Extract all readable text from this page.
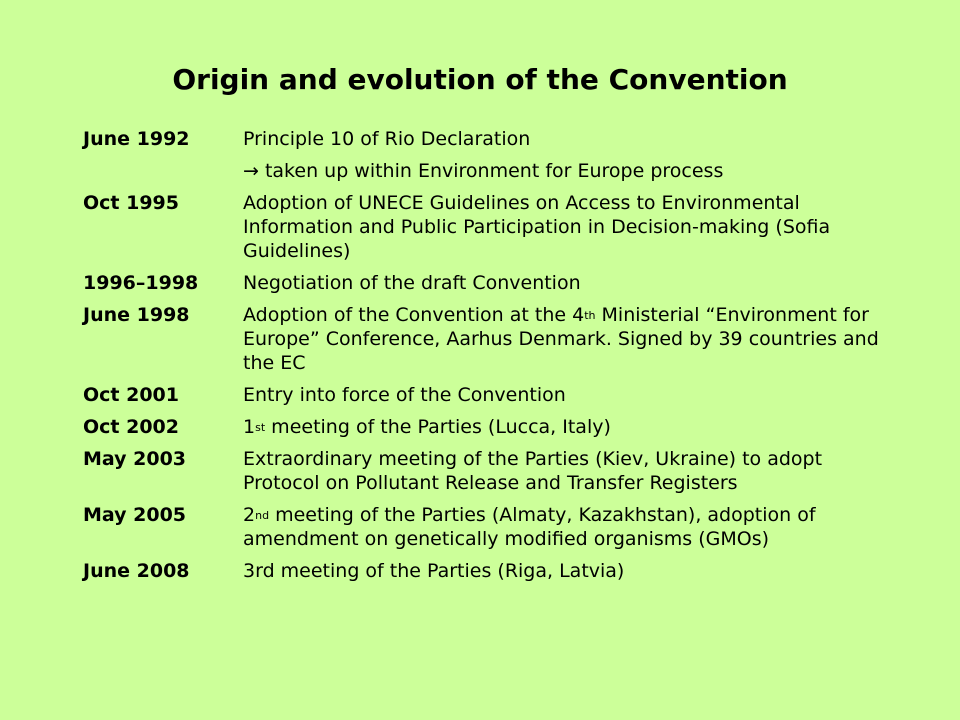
Origin and evolution of the Convention
June 1992	Principle 10 of Rio Declaration
→ taken up within Environment for Europe process
Oct 1995	Adoption of UNECE Guidelines on Access to Environmental Information and Public Participation in Decision-making (Sofia Guidelines)
1996–1998	Negotiation of the draft Convention
June 1998	Adoption of the Convention at the 4th Ministerial “Environment for Europe” Conference, Aarhus Denmark. Signed by 39 countries and the EC
Oct 2001	Entry into force of the Convention
Oct 2002	1st meeting of the Parties (Lucca, Italy)
May 2003	Extraordinary meeting of the Parties (Kiev, Ukraine) to adopt Protocol on Pollutant Release and Transfer Registers
May 2005	2nd meeting of the Parties (Almaty, Kazakhstan), adoption of amendment on genetically modified organisms (GMOs)
June 2008	3rd meeting of the Parties (Riga, Latvia)
